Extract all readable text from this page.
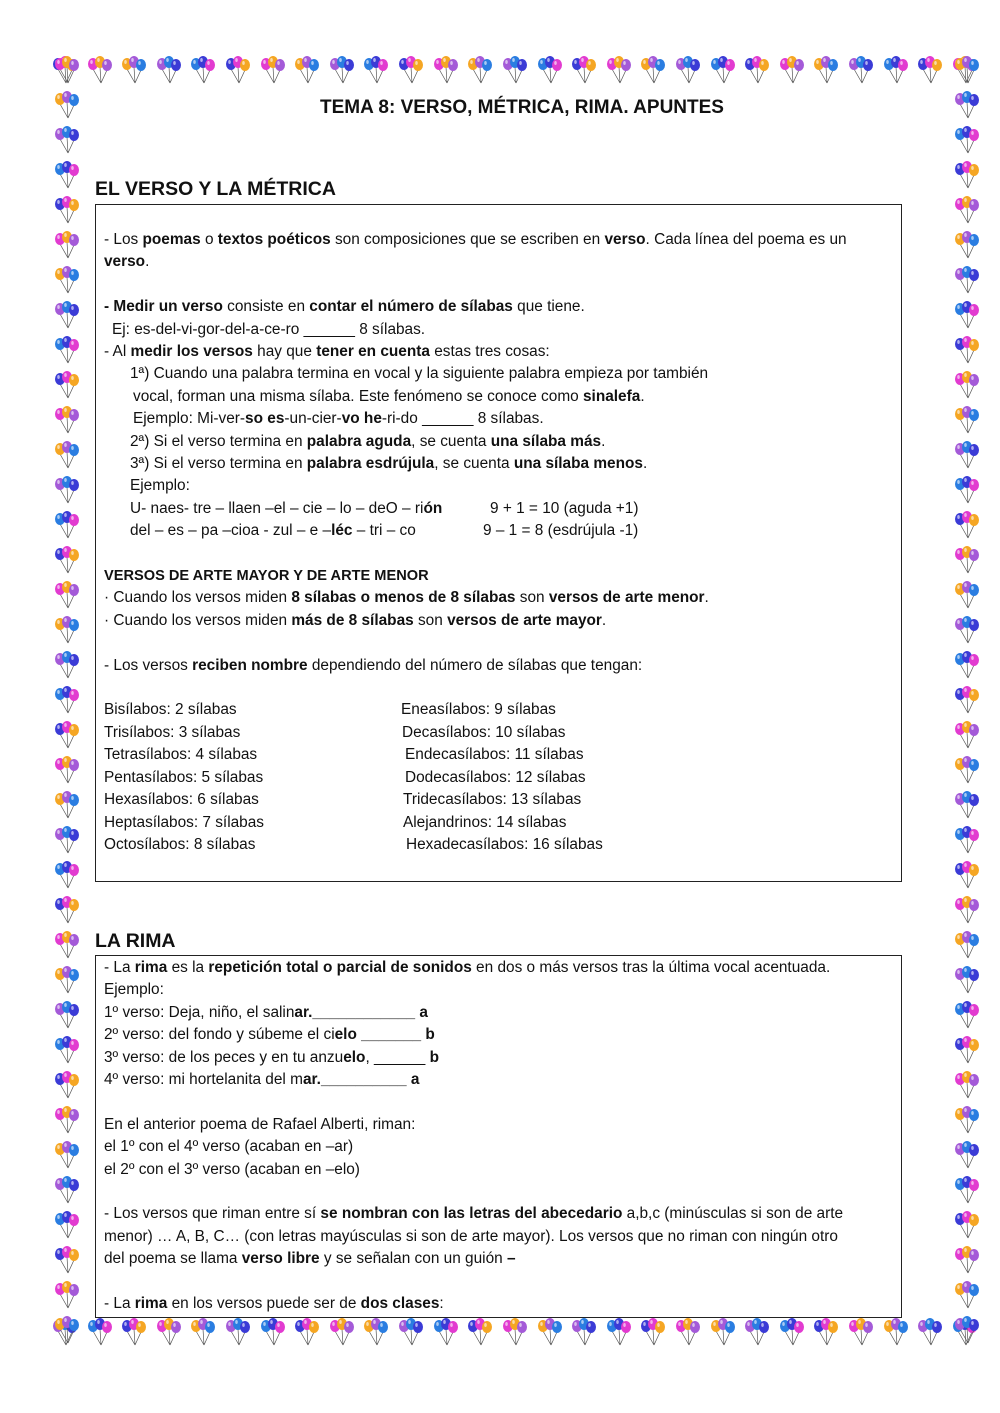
TEMA 8: VERSO, MÉTRICA, RIMA. APUNTES
EL VERSO Y LA MÉTRICA

- Los poemas o textos poéticos son composiciones que se escriben en verso. Cada línea del poema es un

verso.

- Medir un verso consiste en contar el número de sílabas que tiene.

Ej: es-del-vi-gor-del-a-ce-ro ______ 8 sílabas.

- Al medir los versos hay que tener en cuenta estas tres cosas:

1ª) Cuando una palabra termina en vocal y la siguiente palabra empieza por también

vocal, forman una misma sílaba. Este fenómeno se conoce como sinalefa.

Ejemplo: Mi-ver-so es-un-cier-vo he-ri-do ______ 8 sílabas.

2ª) Si el verso termina en palabra aguda, se cuenta una sílaba más.

3ª) Si el verso termina en palabra esdrújula, se cuenta una sílaba menos.

Ejemplo:

U- naes- tre – llaen –el – cie – lo – deO – rión	9 + 1 = 10 (aguda +1)

del – es – pa –cioa - zul – e –léc – tri – co	9 – 1 = 8 (esdrújula -1)

VERSOS DE ARTE MAYOR Y DE ARTE MENOR

· Cuando los versos miden 8 sílabas o menos de 8 sílabas son versos de arte menor.

· Cuando los versos miden más de 8 sílabas son versos de arte mayor.

- Los versos reciben nombre dependiendo del número de sílabas que tengan:

Bisílabos: 2 sílabas

Trisílabos: 3 sílabas

Tetrasílabos: 4 sílabas

Pentasílabos: 5 sílabas

Hexasílabos: 6 sílabas

Heptasílabos: 7 sílabas

Octosílabos: 8 sílabas

Eneasílabos: 9 sílabas

Decasílabos: 10 sílabas

Endecasílabos: 11 sílabas

Dodecasílabos: 12 sílabas

Tridecasílabos: 13 sílabas

Alejandrinos: 14 sílabas

Hexadecasílabos: 16 sílabas

LA RIMA

- La rima es la repetición total o parcial de sonidos en dos o más versos tras la última vocal acentuada.

Ejemplo:

1º verso: Deja, niño, el salinar.____________ a

2º verso: del fondo y súbeme el cielo _______ b

3º verso: de los peces y en tu anzuelo, ______ b

4º verso: mi hortelanita del mar.__________ a

En el anterior poema de Rafael Alberti, riman:

el 1º con el 4º verso (acaban en –ar)

el 2º con el 3º verso (acaban en –elo)

- Los versos que riman entre sí se nombran con las letras del abecedario a,b,c (minúsculas si son de arte

menor) … A, B, C… (con letras mayúsculas si son de arte mayor). Los versos que no riman con ningún otro

del poema se llama verso libre y se señalan con un guión –

- La rima en los versos puede ser de dos clases:
